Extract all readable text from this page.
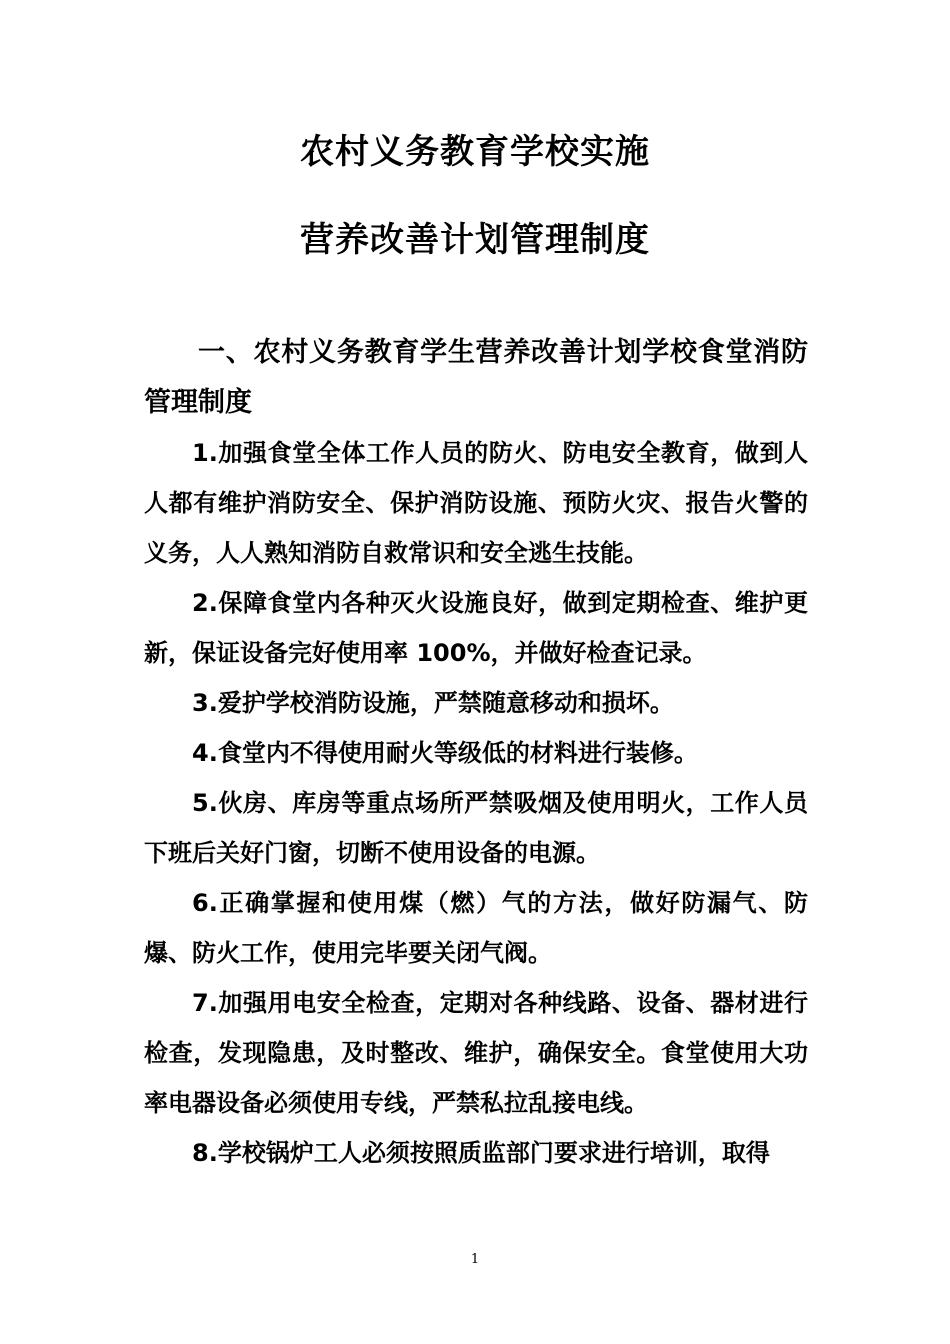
农村义务教育学校实施
营养改善计划管理制度

一、农村义务教育学生营养改善计划学校食堂消防管理制度

1.加强食堂全体工作人员的防火、防电安全教育，做到人人都有维护消防安全、保护消防设施、预防火灾、报告火警的义务，人人熟知消防自救常识和安全逃生技能。

2.保障食堂内各种灭火设施良好，做到定期检查、维护更新，保证设备完好使用率 100%，并做好检查记录。

3.爱护学校消防设施，严禁随意移动和损坏。

4.食堂内不得使用耐火等级低的材料进行装修。

5.伙房、库房等重点场所严禁吸烟及使用明火，工作人员下班后关好门窗，切断不使用设备的电源。

6.正确掌握和使用煤（燃）气的方法，做好防漏气、防爆、防火工作，使用完毕要关闭气阀。

7.加强用电安全检查，定期对各种线路、设备、器材进行检查，发现隐患，及时整改、维护，确保安全。食堂使用大功率电器设备必须使用专线，严禁私拉乱接电线。

8.学校锅炉工人必须按照质监部门要求进行培训，取得

1
